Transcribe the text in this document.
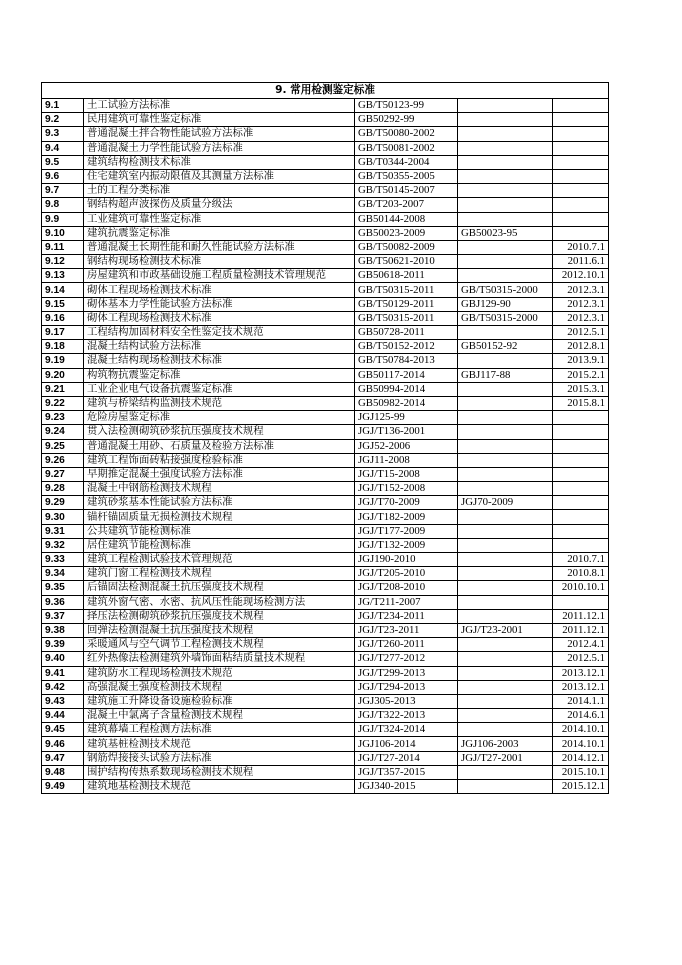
9. 常用检测鉴定标准				
9.1	土工试验方法标准	GB/T50123-99		
9.2	民用建筑可靠性鉴定标准	GB50292-99		
9.3	普通混凝土拌合物性能试验方法标准	GB/T50080-2002		
9.4	普通混凝土力学性能试验方法标准	GB/T50081-2002		
9.5	建筑结构检测技术标准	GB/T0344-2004		
9.6	住宅建筑室内振动限值及其测量方法标准	GB/T50355-2005		
9.7	土的工程分类标准	GB/T50145-2007		
9.8	钢结构超声波探伤及质量分级法	GB/T203-2007		
9.9	工业建筑可靠性鉴定标准	GB50144-2008		
9.10	建筑抗震鉴定标准	GB50023-2009	GB50023-95	
9.11	普通混凝土长期性能和耐久性能试验方法标准	GB/T50082-2009		2010.7.1
9.12	钢结构现场检测技术标准	GB/T50621-2010		2011.6.1
9.13	房屋建筑和市政基础设施工程质量检测技术管理规范	GB50618-2011		2012.10.1
9.14	砌体工程现场检测技术标准	GB/T50315-2011	GB/T50315-2000	2012.3.1
9.15	砌体基本力学性能试验方法标准	GB/T50129-2011	GBJ129-90	2012.3.1
9.16	砌体工程现场检测技术标准	GB/T50315-2011	GB/T50315-2000	2012.3.1
9.17	工程结构加固材料安全性鉴定技术规范	GB50728-2011		2012.5.1
9.18	混凝土结构试验方法标准	GB/T50152-2012	GB50152-92	2012.8.1
9.19	混凝土结构现场检测技术标准	GB/T50784-2013		2013.9.1
9.20	构筑物抗震鉴定标准	GB50117-2014	GBJ117-88	2015.2.1
9.21	工业企业电气设备抗震鉴定标准	GB50994-2014		2015.3.1
9.22	建筑与桥梁结构监测技术规范	GB50982-2014		2015.8.1
9.23	危险房屋鉴定标准	JGJ125-99		
9.24	贯入法检测砌筑砂浆抗压强度技术规程	JGJ/T136-2001		
9.25	普通混凝土用砂、石质量及检验方法标准	JGJ52-2006		
9.26	建筑工程饰面砖粘接强度检验标准	JGJ11-2008		
9.27	早期推定混凝土强度试验方法标准	JGJ/T15-2008		
9.28	混凝土中钢筋检测技术规程	JGJ/T152-2008		
9.29	建筑砂浆基本性能试验方法标准	JGJ/T70-2009	JGJ70-2009	
9.30	锚杆锚固质量无损检测技术规程	JGJ/T182-2009		
9.31	公共建筑节能检测标准	JGJ/T177-2009		
9.32	居住建筑节能检测标准	JGJ/T132-2009		
9.33	建筑工程检测试验技术管理规范	JGJ190-2010		2010.7.1
9.34	建筑门窗工程检测技术规程	JGJ/T205-2010		2010.8.1
9.35	后锚固法检测混凝土抗压强度技术规程	JGJ/T208-2010		2010.10.1
9.36	建筑外窗气密、水密、抗风压性能现场检测方法	JG/T211-2007		
9.37	择压法检测砌筑砂浆抗压强度技术规程	JGJ/T234-2011		2011.12.1
9.38	回弹法检测混凝土抗压强度技术规程	JGJ/T23-2011	JGJ/T23-2001	2011.12.1
9.39	采暖通风与空气调节工程检测技术规程	JGJ/T260-2011		2012.4.1
9.40	红外热像法检测建筑外墙饰面粘结质量技术规程	JGJ/T277-2012		2012.5.1
9.41	建筑防水工程现场检测技术规范	JGJ/T299-2013		2013.12.1
9.42	高强混凝土强度检测技术规程	JGJ/T294-2013		2013.12.1
9.43	建筑施工升降设备设施检验标准	JGJ305-2013		2014.1.1
9.44	混凝土中氯离子含量检测技术规程	JGJ/T322-2013		2014.6.1
9.45	建筑幕墙工程检测方法标准	JGJ/T324-2014		2014.10.1
9.46	建筑基桩检测技术规范	JGJ106-2014	JGJ106-2003	2014.10.1
9.47	钢筋焊接接头试验方法标准	JGJ/T27-2014	JGJ/T27-2001	2014.12.1
9.48	围护结构传热系数现场检测技术规程	JGJ/T357-2015		2015.10.1
9.49	建筑地基检测技术规范	JGJ340-2015		2015.12.1
